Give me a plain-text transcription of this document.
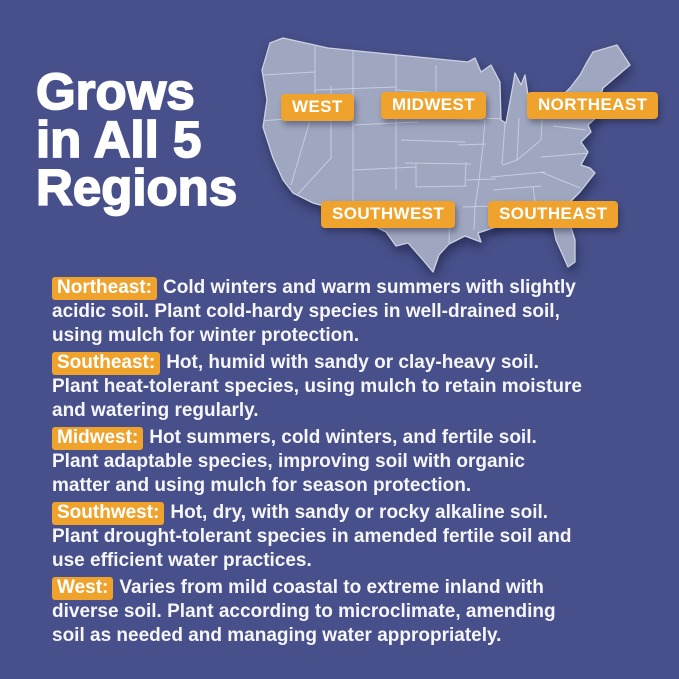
Grows
in All 5
Regions
WEST	MIDWEST	NORTHEAST
SOUTHWEST	SOUTHEAST
Northeast: Cold winters and warm summers with slightly
acidic soil. Plant cold-hardy species in well-drained soil,
using mulch for winter protection.
Southeast: Hot, humid with sandy or clay-heavy soil.
Plant heat-tolerant species, using mulch to retain moisture
and watering regularly.
Midwest: Hot summers, cold winters, and fertile soil.
Plant adaptable species, improving soil with organic
matter and using mulch for season protection.
Southwest: Hot, dry, with sandy or rocky alkaline soil.
Plant drought-tolerant species in amended fertile soil and
use efficient water practices.
West: Varies from mild coastal to extreme inland with
diverse soil. Plant according to microclimate, amending
soil as needed and managing water appropriately.
